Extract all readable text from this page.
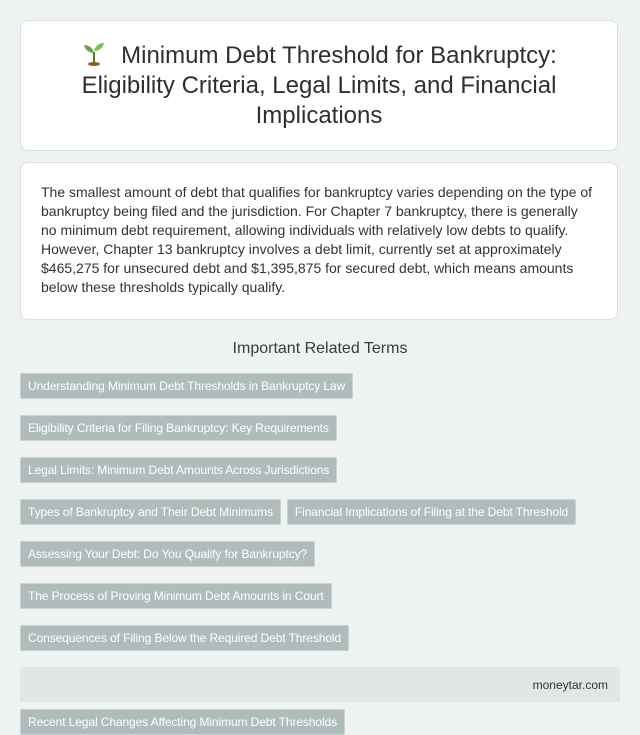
Minimum Debt Threshold for Bankruptcy: Eligibility Criteria, Legal Limits, and Financial Implications

The smallest amount of debt that qualifies for bankruptcy varies depending on the type of bankruptcy being filed and the jurisdiction. For Chapter 7 bankruptcy, there is generally no minimum debt requirement, allowing individuals with relatively low debts to qualify. However, Chapter 13 bankruptcy involves a debt limit, currently set at approximately $465,275 for unsecured debt and $1,395,875 for secured debt, which means amounts below these thresholds typically qualify.

Important Related Terms
Understanding Minimum Debt Thresholds in Bankruptcy Law
Eligibility Criteria for Filing Bankruptcy: Key Requirements
Legal Limits: Minimum Debt Amounts Across Jurisdictions
Types of Bankruptcy and Their Debt Minimums	Financial Implications of Filing at the Debt Threshold
Assessing Your Debt: Do You Qualify for Bankruptcy?
The Process of Proving Minimum Debt Amounts in Court
Consequences of Filing Below the Required Debt Threshold
Recent Legal Changes Affecting Minimum Debt Thresholds
moneytar.com
